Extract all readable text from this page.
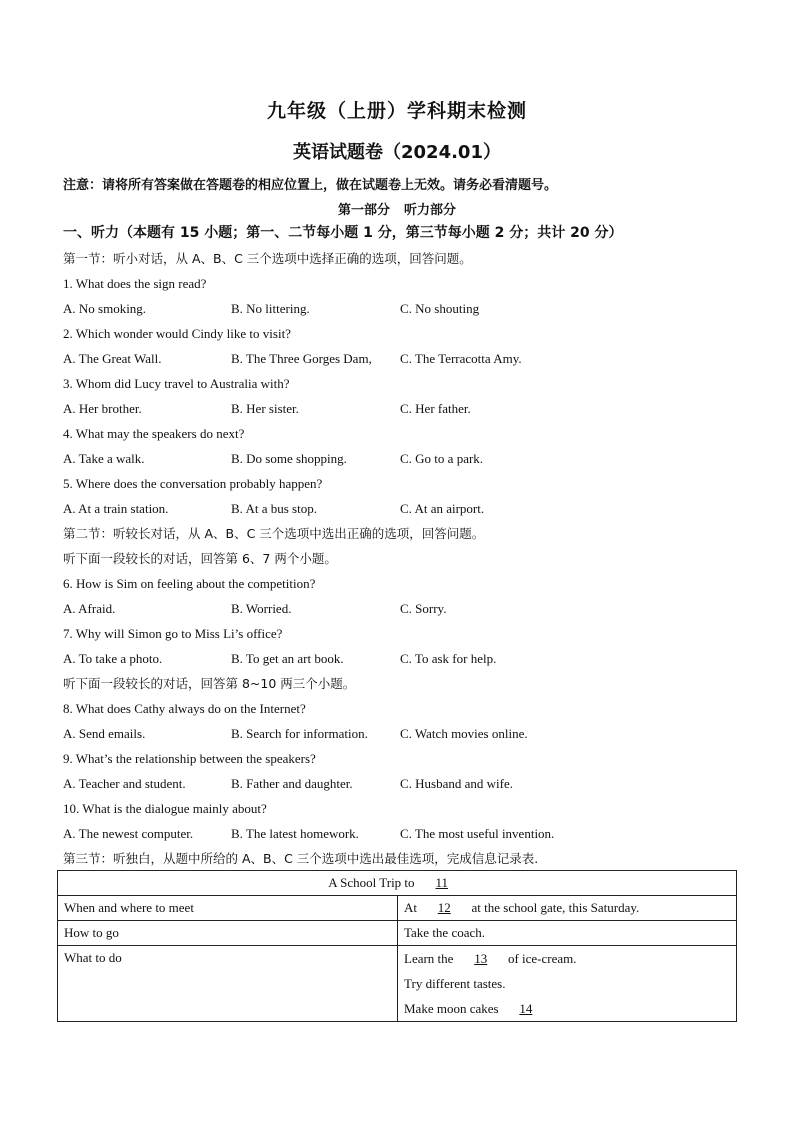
九年级（上册）学科期末检测
英语试题卷（2024.01）
注意：请将所有答案做在答题卷的相应位置上，做在试题卷上无效。请务必看清题号。
第一部分 听力部分
一、听力（本题有 15 小题；第一、二节每小题 1 分，第三节每小题 2 分；共计 20 分）
第一节：听小对话，从 A、B、C 三个选项中选择正确的选项，回答问题。
1. What does the sign read?
A. No smoking.	B. No littering.	C. No shouting
2. Which wonder would Cindy like to visit?
A. The Great Wall.	B. The Three Gorges Dam, C. The Terracotta Amy.
3. Whom did Lucy travel to Australia with?
A. Her brother.	B. Her sister.	C. Her father.
4. What may the speakers do next?
A. Take a walk.	B. Do some shopping.	C. Go to a park.
5. Where does the conversation probably happen?
A. At a train station.	B. At a bus stop.	C. At an airport.
第二节：听较长对话，从 A、B、C 三个选项中选出正确的选项，回答问题。
听下面一段较长的对话，回答第 6、7 两个小题。
6. How is Sim on feeling about the competition?
A. Afraid.	B. Worried.	C. Sorry.
7. Why will Simon go to Miss Li’s office?
A. To take a photo.	B. To get an art book.	C. To ask for help.
听下面一段较长的对话，回答第 8~10 两三个小题。
8. What does Cathy always do on the Internet?
A. Send emails.	B. Search for information. C. Watch movies online.
9. What’s the relationship between the speakers?
A. Teacher and student.	B. Father and daughter.	C. Husband and wife.
10. What is the dialogue mainly about?
A. The newest computer.	B. The latest homework.	C. The most useful invention.
第三节：听独白，从题中所给的 A、B、C 三个选项中选出最佳选项，完成信息记录表.
A School Trip to 11	
When and where to meet	At 12 at the school gate, this Saturday.
How to go	Take the coach.
What to do	Learn the 13 of ice-cream.
Try different tastes.
Make moon cakes 14
